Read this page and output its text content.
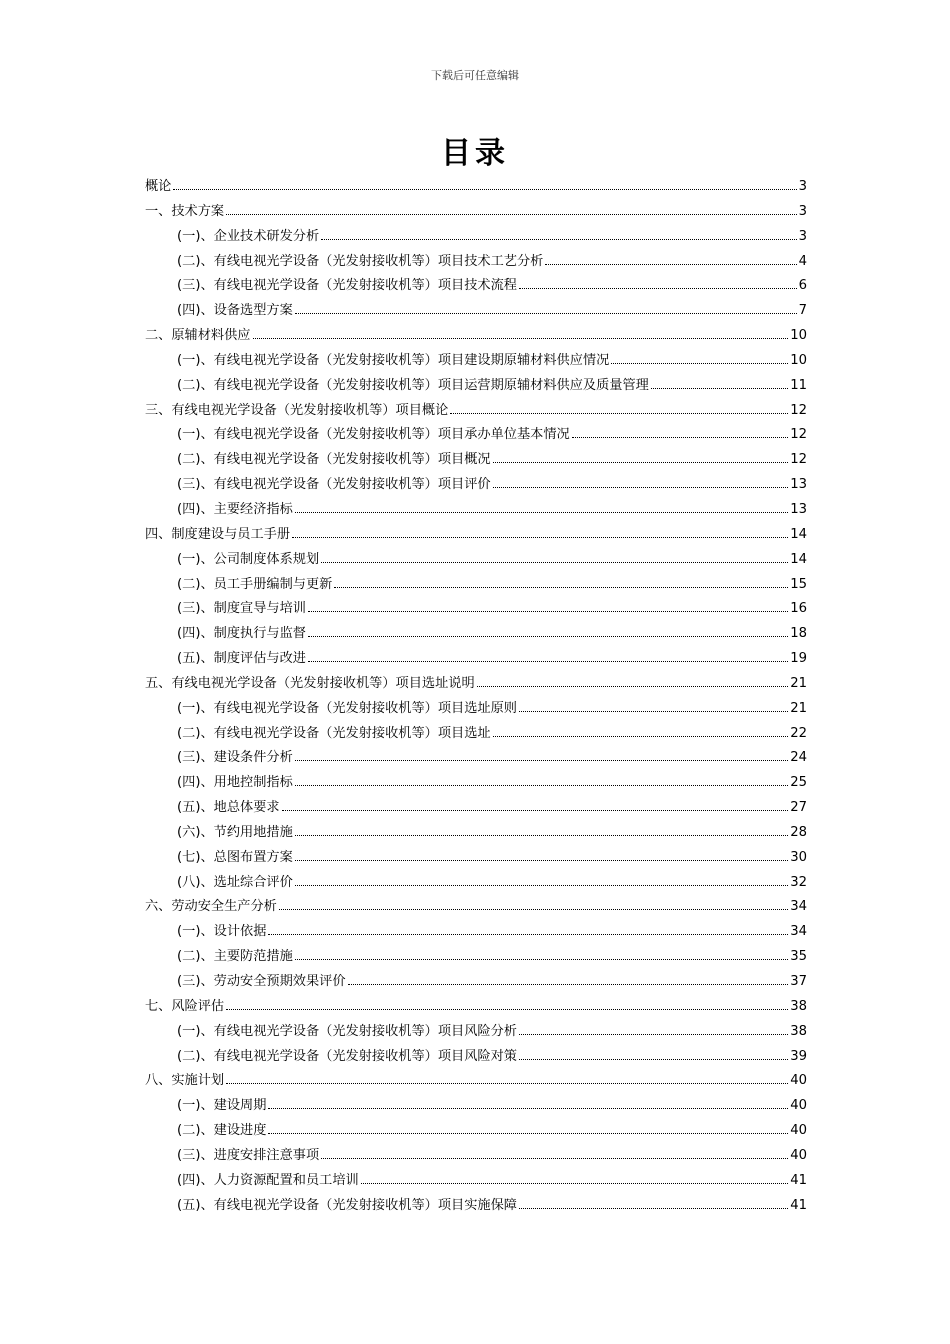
下载后可任意编辑
目录
概论	3
一、技术方案	3
(一)、企业技术研发分析	3
(二)、有线电视光学设备（光发射接收机等）项目技术工艺分析	4
(三)、有线电视光学设备（光发射接收机等）项目技术流程	6
(四)、设备选型方案	7
二、原辅材料供应	10
(一)、有线电视光学设备（光发射接收机等）项目建设期原辅材料供应情况	10
(二)、有线电视光学设备（光发射接收机等）项目运营期原辅材料供应及质量管理	11
三、有线电视光学设备（光发射接收机等）项目概论	12
(一)、有线电视光学设备（光发射接收机等）项目承办单位基本情况	12
(二)、有线电视光学设备（光发射接收机等）项目概况	12
(三)、有线电视光学设备（光发射接收机等）项目评价	13
(四)、主要经济指标	13
四、制度建设与员工手册	14
(一)、公司制度体系规划	14
(二)、员工手册编制与更新	15
(三)、制度宣导与培训	16
(四)、制度执行与监督	18
(五)、制度评估与改进	19
五、有线电视光学设备（光发射接收机等）项目选址说明	21
(一)、有线电视光学设备（光发射接收机等）项目选址原则	21
(二)、有线电视光学设备（光发射接收机等）项目选址	22
(三)、建设条件分析	24
(四)、用地控制指标	25
(五)、地总体要求	27
(六)、节约用地措施	28
(七)、总图布置方案	30
(八)、选址综合评价	32
六、劳动安全生产分析	34
(一)、设计依据	34
(二)、主要防范措施	35
(三)、劳动安全预期效果评价	37
七、风险评估	38
(一)、有线电视光学设备（光发射接收机等）项目风险分析	38
(二)、有线电视光学设备（光发射接收机等）项目风险对策	39
八、实施计划	40
(一)、建设周期	40
(二)、建设进度	40
(三)、进度安排注意事项	40
(四)、人力资源配置和员工培训	41
(五)、有线电视光学设备（光发射接收机等）项目实施保障	41
